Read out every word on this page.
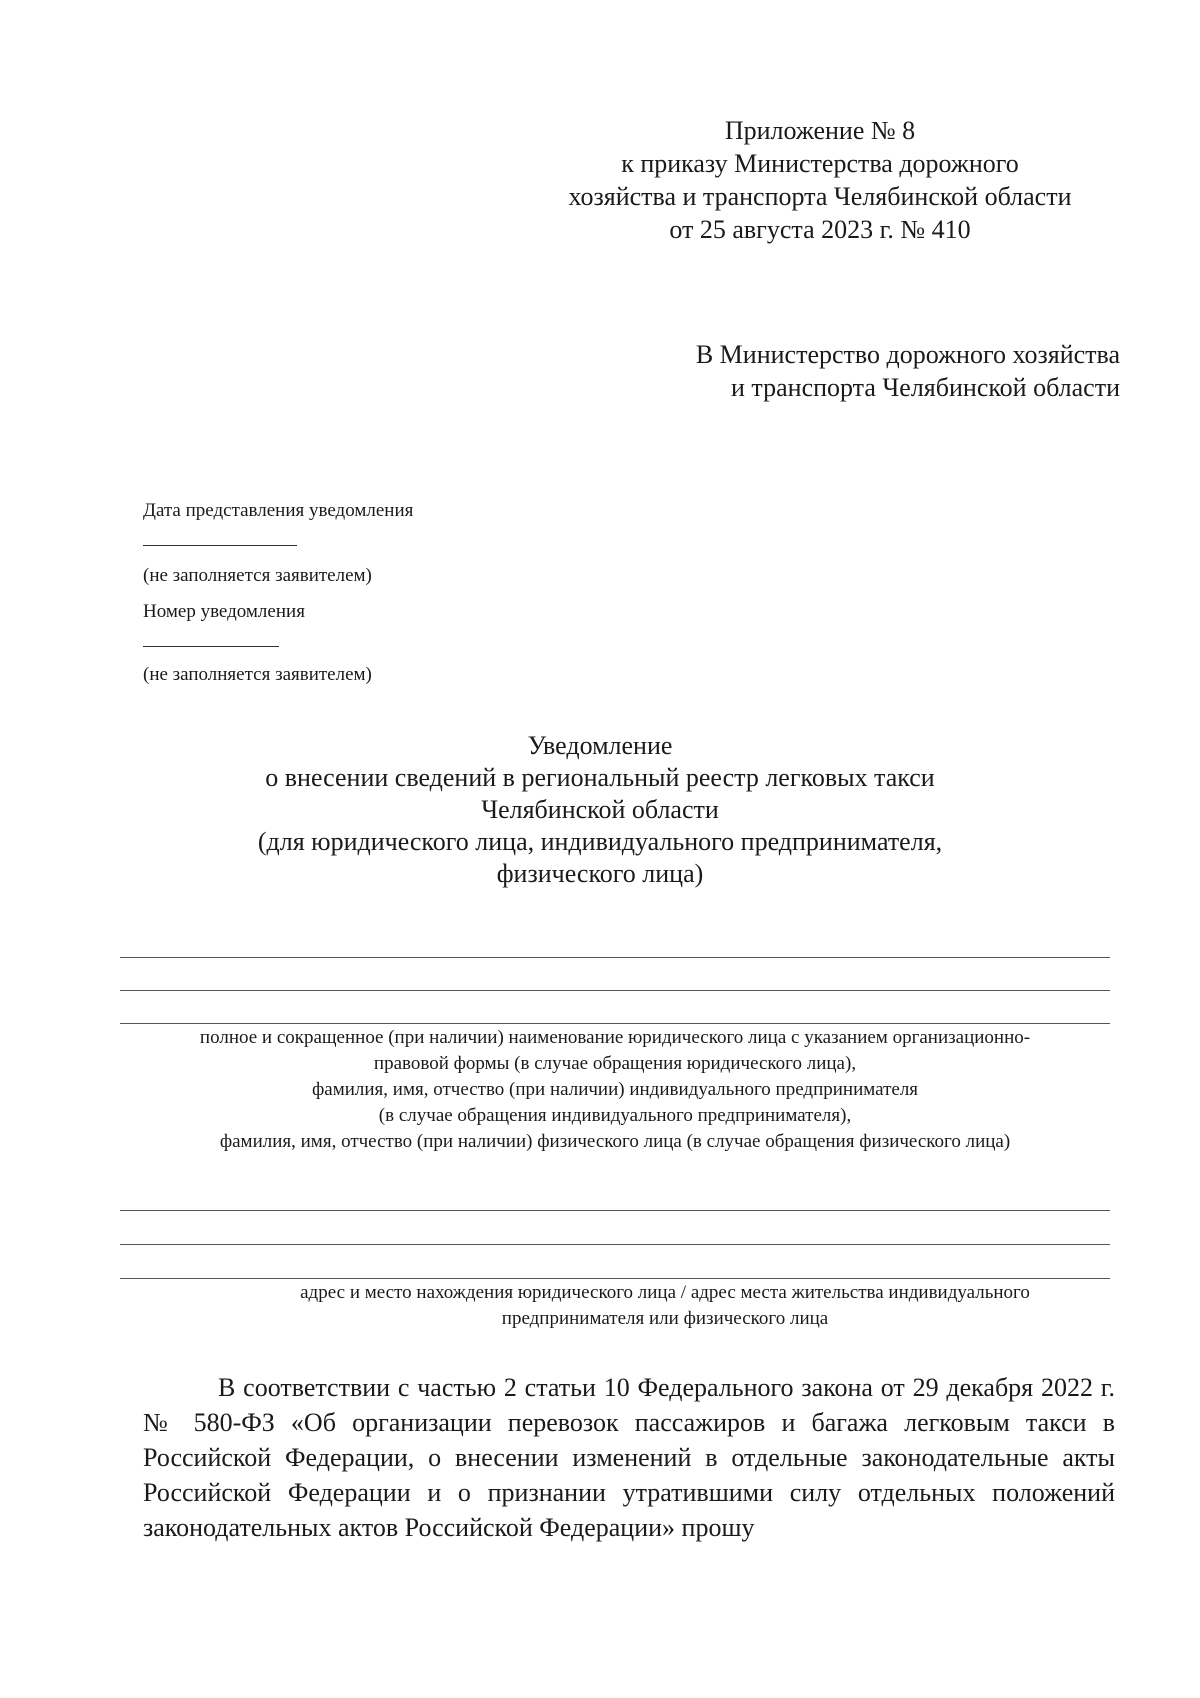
Приложение № 8
к приказу Министерства дорожного
хозяйства и транспорта Челябинской области
от 25 августа 2023 г. № 410
В Министерство дорожного хозяйства
и транспорта Челябинской области
Дата представления уведомления
(не заполняется заявителем)
Номер уведомления
(не заполняется заявителем)
Уведомление
о внесении сведений в региональный реестр легковых такси
Челябинской области
(для юридического лица, индивидуального предпринимателя,
физического лица)
полное и сокращенное (при наличии) наименование юридического лица с указанием организационно-
правовой формы (в случае обращения юридического лица),
фамилия, имя, отчество (при наличии) индивидуального предпринимателя
(в случае обращения индивидуального предпринимателя),
фамилия, имя, отчество (при наличии) физического лица (в случае обращения физического лица)
адрес и место нахождения юридического лица / адрес места жительства индивидуального
предпринимателя или физического лица
В соответствии с частью 2 статьи 10 Федерального закона от 29 декабря 2022 г. № 580-ФЗ «Об организации перевозок пассажиров и багажа легковым такси в Российской Федерации, о внесении изменений в отдельные законодательные акты Российской Федерации и о признании утратившими силу отдельных положений законодательных актов Российской Федерации» прошу
